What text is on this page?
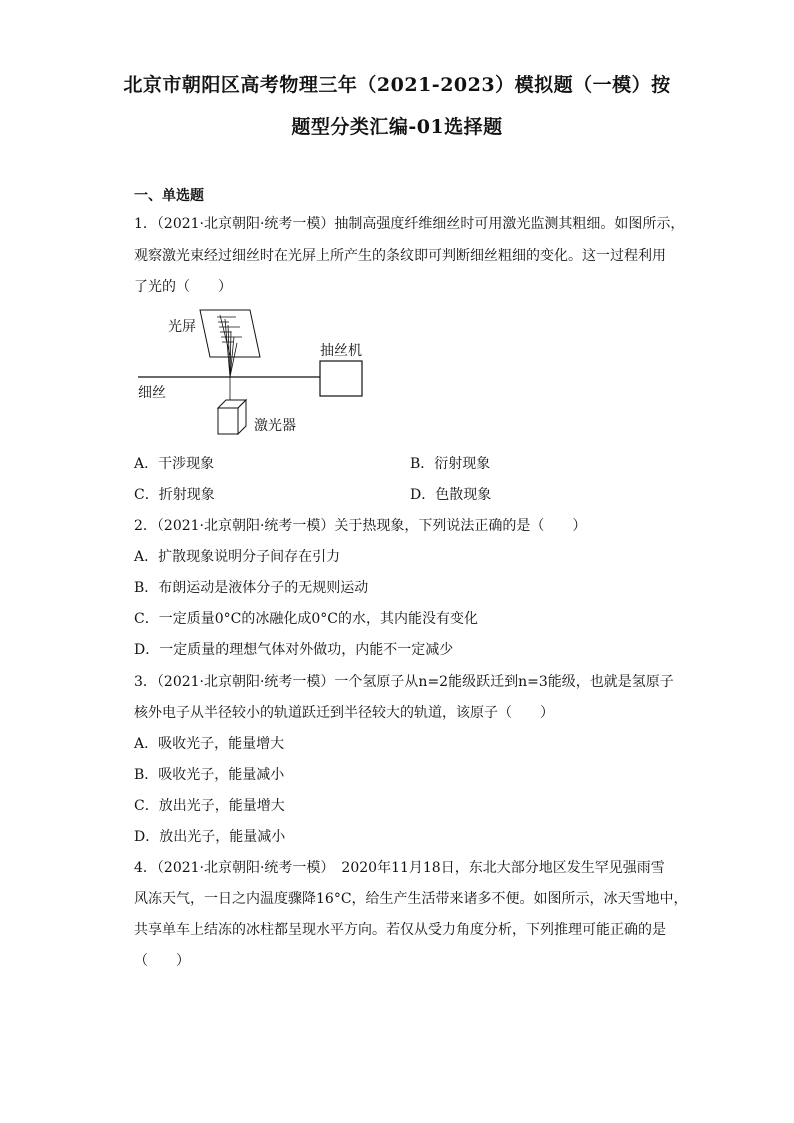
北京市朝阳区高考物理三年（2021-2023）模拟题（一模）按
题型分类汇编-01选择题
一、单选题
1．（2021·北京朝阳·统考一模）抽制高强度纤维细丝时可用激光监测其粗细。如图所示，
观察激光束经过细丝时在光屏上所产生的条纹即可判断细丝粗细的变化。这一过程利用
了光的（　　）
光屏
抽丝机
细丝
激光器
A．干涉现象	B．衍射现象
C．折射现象	D．色散现象
2．（2021·北京朝阳·统考一模）关于热现象，下列说法正确的是（　　）
A．扩散现象说明分子间存在引力
B．布朗运动是液体分子的无规则运动
C．一定质量0°C的冰融化成0°C的水，其内能没有变化
D．一定质量的理想气体对外做功，内能不一定减少
3．（2021·北京朝阳·统考一模）一个氢原子从n=2能级跃迁到n=3能级，也就是氢原子
核外电子从半径较小的轨道跃迁到半径较大的轨道，该原子（　　）
A．吸收光子，能量增大
B．吸收光子，能量减小
C．放出光子，能量增大
D．放出光子，能量减小
4．（2021·北京朝阳·统考一模）　2020年11月18日，东北大部分地区发生罕见强雨雪
风冻天气，一日之内温度骤降16°C，给生产生活带来诸多不便。如图所示，冰天雪地中，
共享单车上结冻的冰柱都呈现水平方向。若仅从受力角度分析，下列推理可能正确的是
（　　）
